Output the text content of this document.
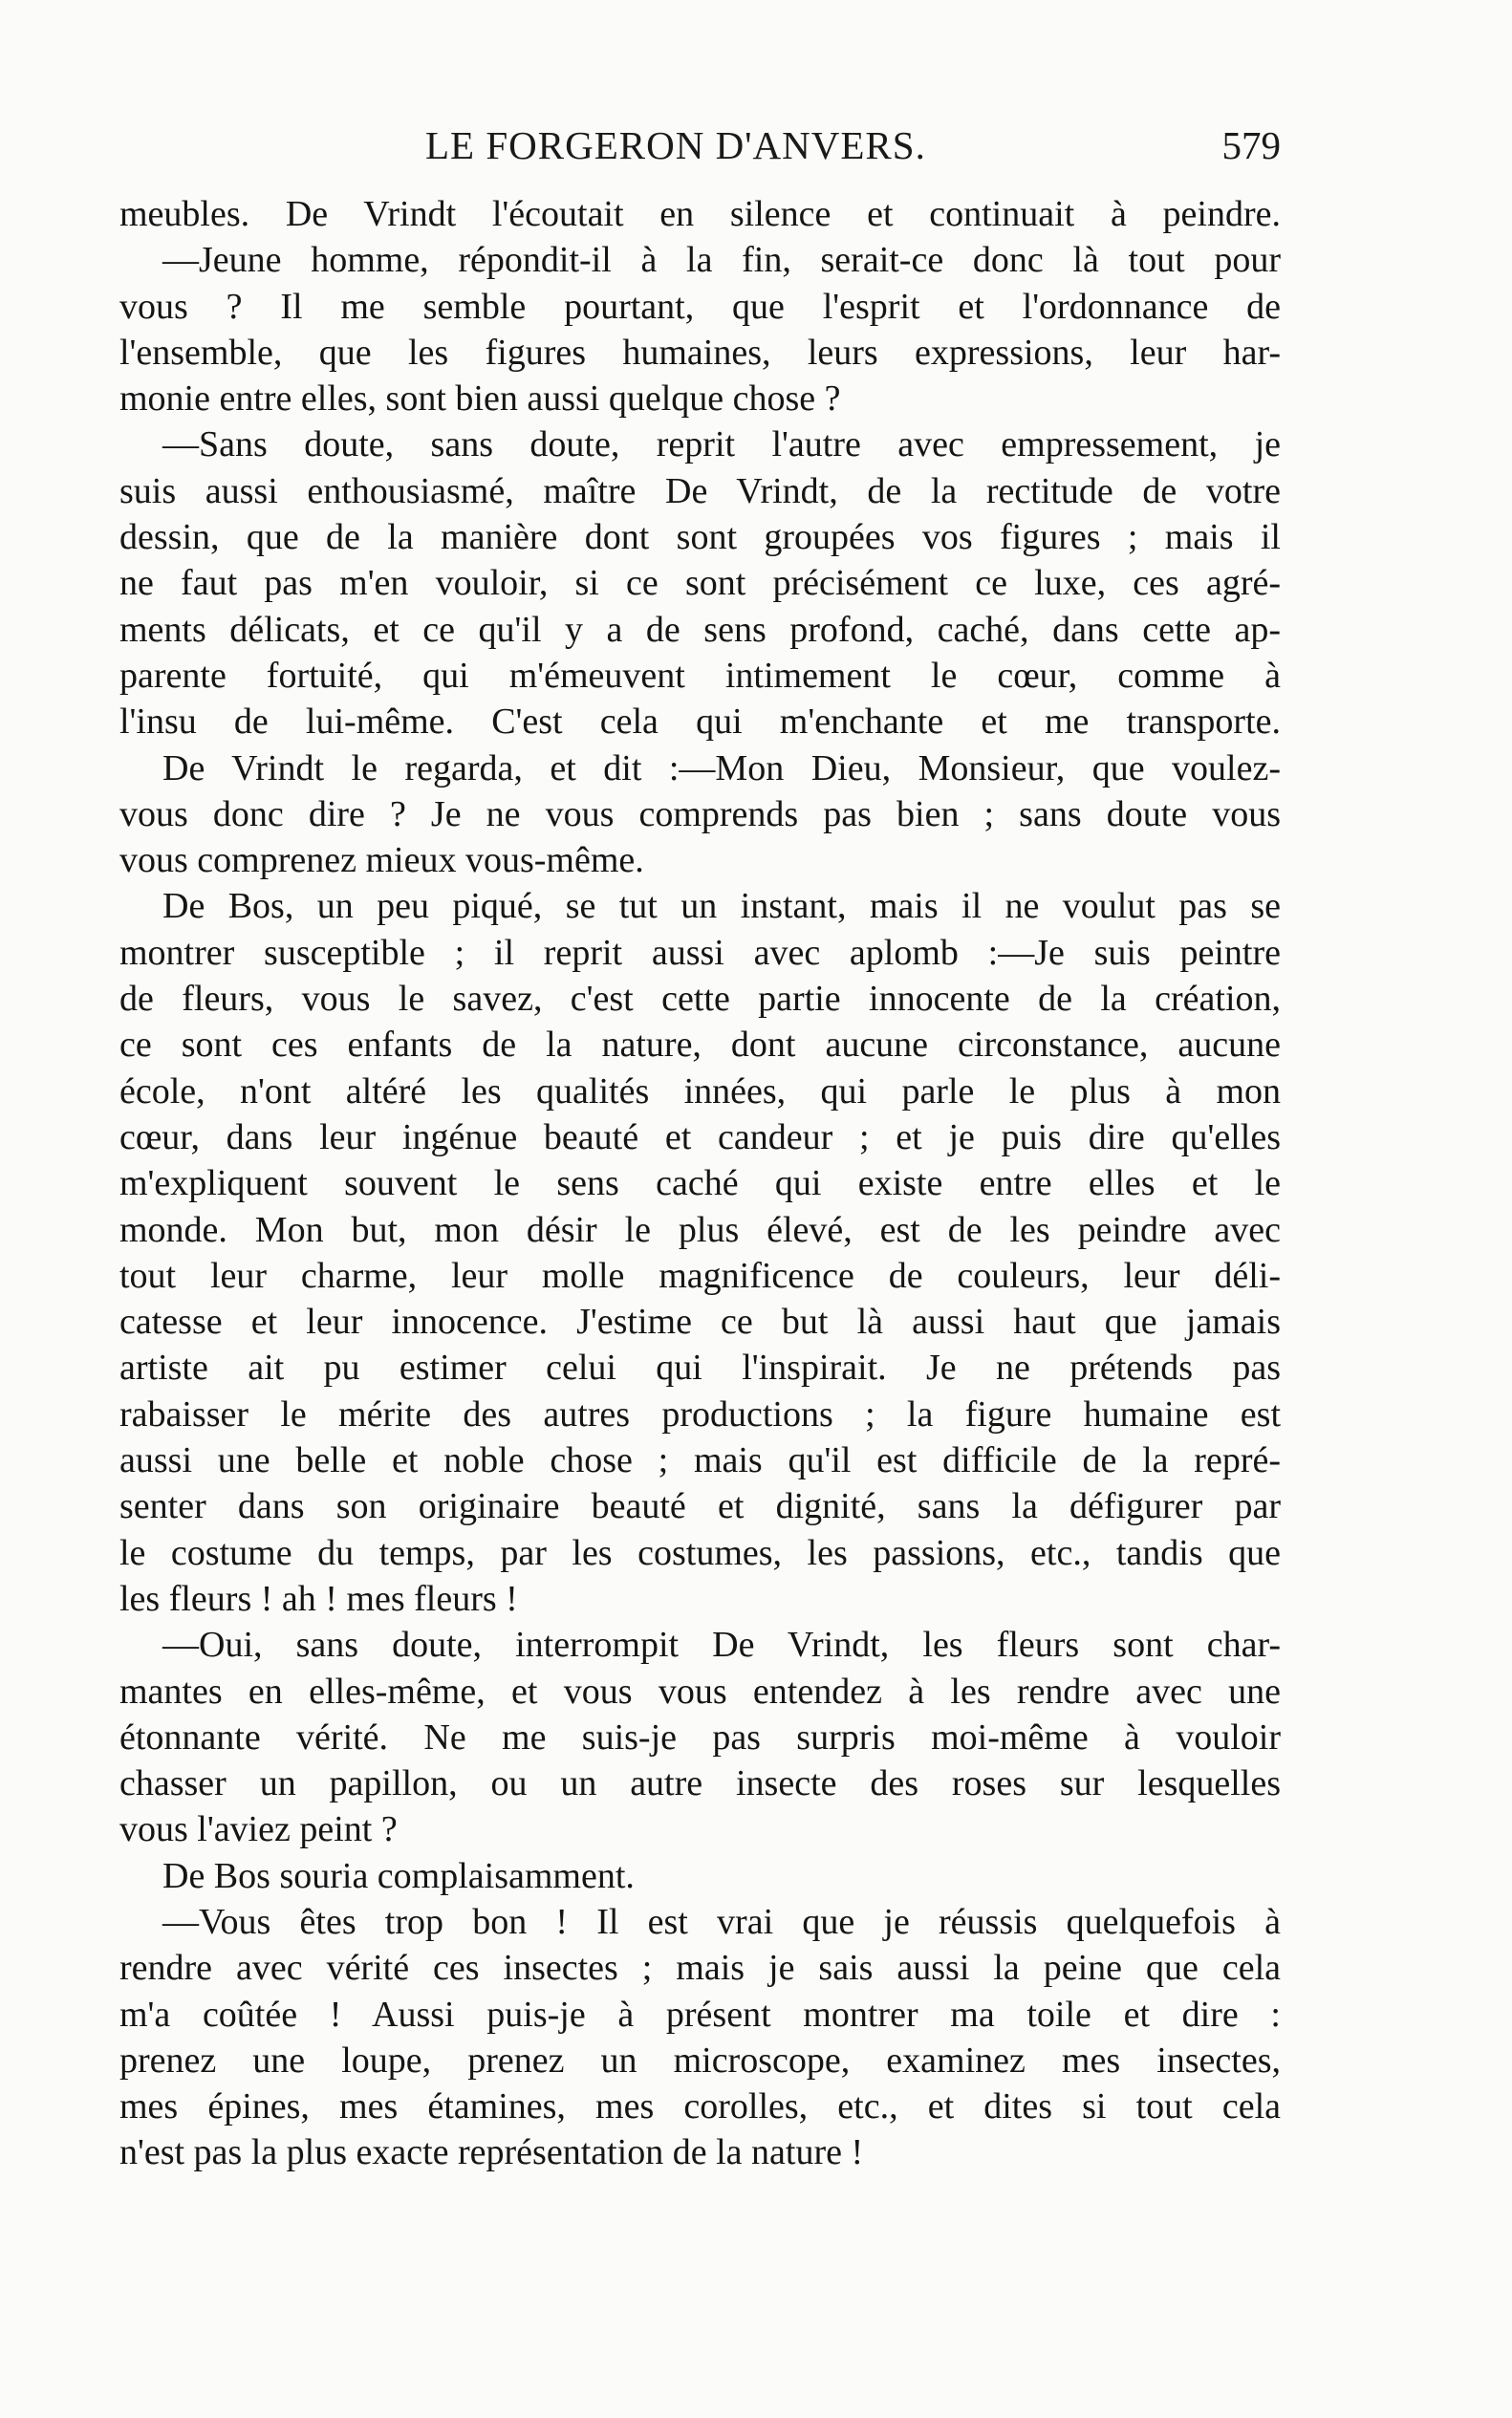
LE FORGERON D'ANVERS.	579
meubles. De Vrindt l'écoutait en silence et continuait à peindre.
—Jeune homme, répondit-il à la fin, serait-ce donc là tout pour
vous ? Il me semble pourtant, que l'esprit et l'ordonnance de
l'ensemble, que les figures humaines, leurs expressions, leur har-
monie entre elles, sont bien aussi quelque chose ?
—Sans doute, sans doute, reprit l'autre avec empressement, je
suis aussi enthousiasmé, maître De Vrindt, de la rectitude de votre
dessin, que de la manière dont sont groupées vos figures ; mais il
ne faut pas m'en vouloir, si ce sont précisément ce luxe, ces agré-
ments délicats, et ce qu'il y a de sens profond, caché, dans cette ap-
parente fortuité, qui m'émeuvent intimement le cœur, comme à
l'insu de lui-même. C'est cela qui m'enchante et me transporte.
De Vrindt le regarda, et dit :—Mon Dieu, Monsieur, que voulez-
vous donc dire ? Je ne vous comprends pas bien ; sans doute vous
vous comprenez mieux vous-même.
De Bos, un peu piqué, se tut un instant, mais il ne voulut pas se
montrer susceptible ; il reprit aussi avec aplomb :—Je suis peintre
de fleurs, vous le savez, c'est cette partie innocente de la création,
ce sont ces enfants de la nature, dont aucune circonstance, aucune
école, n'ont altéré les qualités innées, qui parle le plus à mon
cœur, dans leur ingénue beauté et candeur ; et je puis dire qu'elles
m'expliquent souvent le sens caché qui existe entre elles et le
monde. Mon but, mon désir le plus élevé, est de les peindre avec
tout leur charme, leur molle magnificence de couleurs, leur déli-
catesse et leur innocence. J'estime ce but là aussi haut que jamais
artiste ait pu estimer celui qui l'inspirait. Je ne prétends pas
rabaisser le mérite des autres productions ; la figure humaine est
aussi une belle et noble chose ; mais qu'il est difficile de la repré-
senter dans son originaire beauté et dignité, sans la défigurer par
le costume du temps, par les costumes, les passions, etc., tandis que
les fleurs ! ah ! mes fleurs !
—Oui, sans doute, interrompit De Vrindt, les fleurs sont char-
mantes en elles-même, et vous vous entendez à les rendre avec une
étonnante vérité. Ne me suis-je pas surpris moi-même à vouloir
chasser un papillon, ou un autre insecte des roses sur lesquelles
vous l'aviez peint ?
De Bos souria complaisamment.
—Vous êtes trop bon ! Il est vrai que je réussis quelquefois à
rendre avec vérité ces insectes ; mais je sais aussi la peine que cela
m'a coûtée ! Aussi puis-je à présent montrer ma toile et dire :
prenez une loupe, prenez un microscope, examinez mes insectes,
mes épines, mes étamines, mes corolles, etc., et dites si tout cela
n'est pas la plus exacte représentation de la nature !
